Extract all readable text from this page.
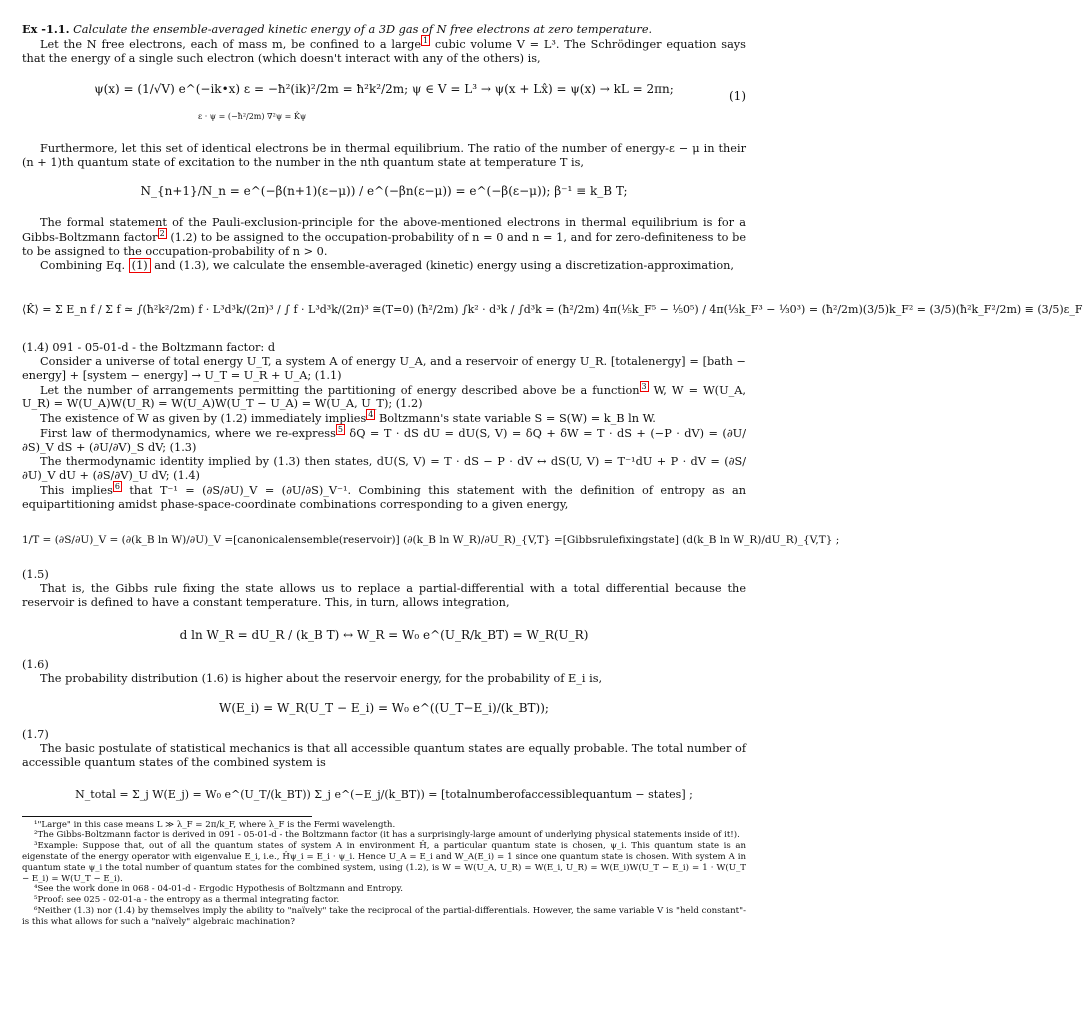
Ex -1.1. Calculate the ensemble-averaged kinetic energy of a 3D gas of N free electrons at zero temperature.

Let the N free electrons, each of mass m, be confined to a large $^1$ cubic volume V = L³. The Schrödinger equation says that the energy of a single such electron (which doesn't interact with any of the others) is,

ψ(x) = (1/√V) e^(−ik•x) ε = −ħ²(ik)²/2m = ħ²k²/2m; ψ ∈ V = L³ → ψ(x + Lx̂) = ψ(x) → kL = 2πn;	(1)
ε · ψ = (−ħ²/2m) ∇²ψ = K̂ψ

Furthermore, let this set of identical electrons be in thermal equilibrium. The ratio of the number of energy-ε − μ in their (n + 1)th quantum state of excitation to the number in the nth quantum state at temperature T is,

N_{n+1}/N_n = e^(−β(n+1)(ε−μ)) / e^(−βn(ε−μ)) = e^(−β(ε−μ)); β⁻¹ ≡ k_B T;

The formal statement of the Pauli-exclusion-principle for the above-mentioned electrons in thermal equilibrium is for a Gibbs-Boltzmann factor $^2$ (1.2) to be assigned to the occupation-probability of n = 0 and n = 1, and for zero-definiteness to be to be assigned to the occupation-probability of n > 0.

Combining Eq. (1) and (1.3), we calculate the ensemble-averaged (kinetic) energy using a discretization-approximation,

⟨K̂⟩ = Σ E_n f / Σ f ≃ ∫(ħ²k²/2m) f · L³d³k/(2π)³ / ∫ f · L³d³k/(2π)³ ≅(T=0) (ħ²/2m) ∫k² · d³k / ∫d³k = (ħ²/2m) 4π(⅕k_F⁵ − ⅕0⁵) / 4π(⅓k_F³ − ⅓0³) = (ħ²/2m)(3/5)k_F² = (3/5)(ħ²k_F²/2m) ≡ (3/5)ε_F

(1.4) 091 - 05-01-d - the Boltzmann factor: d

Consider a universe of total energy U_T, a system A of energy U_A, and a reservoir of energy U_R. [totalenergy] = [bath − energy] + [system − energy] → U_T = U_R + U_A; (1.1)

Let the number of arrangements permitting the partitioning of energy described above be a function $^3$ W, W = W(U_A, U_R) = W(U_A)W(U_R) = W(U_A)W(U_T − U_A) = W(U_A, U_T); (1.2)

The existence of W as given by (1.2) immediately implies $^4$ Boltzmann's state variable S = S(W) = k_B ln W.

First law of thermodynamics, where we re-express $^5$ δQ = T · dS dU = dU(S, V) = δQ + δW = T · dS + (−P · dV) = (∂U/∂S)_V dS + (∂U/∂V)_S dV; (1.3)

The thermodynamic identity implied by (1.3) then states, dU(S, V) = T · dS − P · dV ↔ dS(U, V) = T⁻¹dU + P · dV = (∂S/∂U)_V dU + (∂S/∂V)_U dV; (1.4)

This implies $^6$ that T⁻¹ = (∂S/∂U)_V = (∂U/∂S)_V⁻¹. Combining this statement with the definition of entropy as an equipartitioning amidst phase-space-coordinate combinations corresponding to a given energy,

1/T = (∂S/∂U)_V = (∂(k_B ln W)/∂U)_V =[canonicalensemble(reservoir)] (∂(k_B ln W_R)/∂U_R)_{V,T} =[Gibbsrulefixingstate] (d(k_B ln W_R)/dU_R)_{V,T} ;

(1.5)

That is, the Gibbs rule fixing the state allows us to replace a partial-differential with a total differential because the reservoir is defined to have a constant temperature. This, in turn, allows integration,

d ln W_R = dU_R / (k_B T) ↔ W_R = W₀ e^(U_R/k_BT) = W_R(U_R)

(1.6)

The probability distribution (1.6) is higher about the reservoir energy, for the probability of E_i is,

W(E_i) = W_R(U_T − E_i) = W₀ e^((U_T−E_i)/(k_BT));

(1.7)

The basic postulate of statistical mechanics is that all accessible quantum states are equally probable. The total number of accessible quantum states of the combined system is

N_total = Σ_j W(E_j) = W₀ e^(U_T/(k_BT)) Σ_j e^(−E_j/(k_BT)) = [totalnumberofaccessiblequantum − states] ;

¹"Large" in this case means L ≫ λ_F = 2π/k_F, where λ_F is the Fermi wavelength.

²The Gibbs-Boltzmann factor is derived in 091 - 05-01-d - the Boltzmann factor (it has a surprisingly-large amount of underlying physical statements inside of it!).

³Example: Suppose that, out of all the quantum states of system A in environment Ĥ, a particular quantum state is chosen, ψ_i. This quantum state is an eigenstate of the energy operator with eigenvalue E_i, i.e., Ĥψ_i = E_i · ψ_i. Hence U_A = E_i and W_A(E_i) = 1 since one quantum state is chosen. With system A in quantum state ψ_i the total number of quantum states for the combined system, using (1.2), is W = W(U_A, U_R) = W(E_i, U_R) = W(E_i)W(U_T − E_i) = 1 · W(U_T − E_i) = W(U_T − E_i).

⁴See the work done in 068 - 04-01-d - Ergodic Hypothesis of Boltzmann and Entropy.

⁵Proof: see 025 - 02-01-a - the entropy as a thermal integrating factor.

⁶Neither (1.3) nor (1.4) by themselves imply the ability to "naïvely" take the reciprocal of the partial-differentials. However, the same variable V is "held constant"-is this what allows for such a "naïvely" algebraic machination?
